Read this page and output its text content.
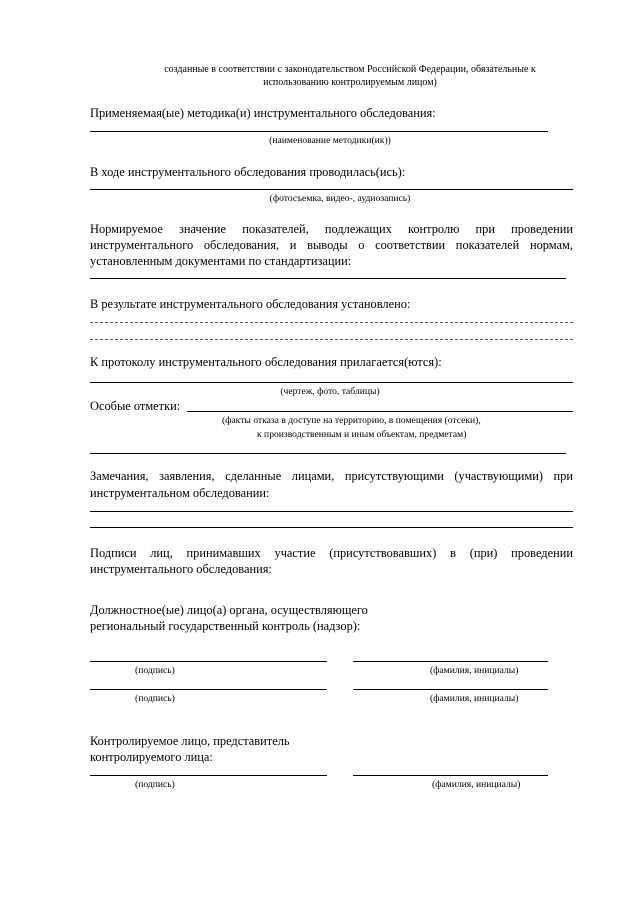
созданные в соответствии с законодательством Российской Федерации, обязательные к
использованию контролируемым лицом)
Применяемая(ые) методика(и) инструментального обследования:
(наименование методики(ик))
В ходе инструментального обследования проводилась(ись):
(фотосъемка, видео-, аудиозапись)
Нормируемое значение показателей, подлежащих контролю при проведении
инструментального обследования, и выводы о соответствии показателей нормам,
установленным документами по стандартизации:
В результате инструментального обследования установлено:
К протоколу инструментального обследования прилагается(ются):
(чертеж, фото, таблицы)
Особые отметки:
(факты отказа в доступе на территорию, в помещения (отсеки),
к производственным и иным объектам, предметам)
Замечания, заявления, сделанные лицами, присутствующими (участвующими) при
инструментальном обследовании:
Подписи лиц, принимавших участие (присутствовавших) в (при) проведении
инструментального обследования:
Должностное(ые) лицо(а) органа, осуществляющего
региональный государственный контроль (надзор):
(подпись)	(фамилия, инициалы)
(подпись)	(фамилия, инициалы)
Контролируемое лицо, представитель
контролируемого лица:
(подпись)	(фамилия, инициалы)
